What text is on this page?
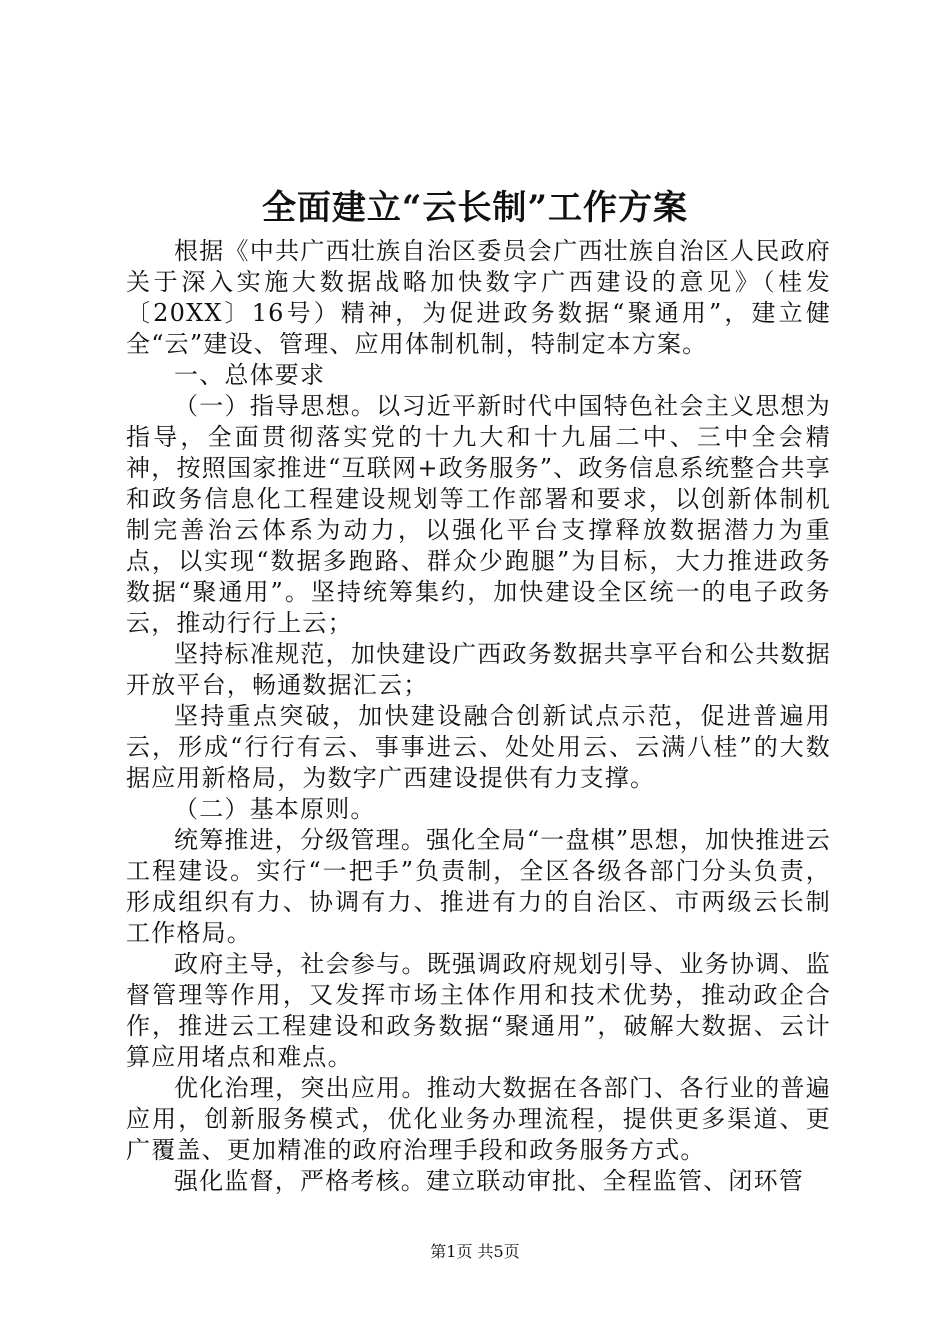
全面建立“云长制”工作方案

根据《中共广西壮族自治区委员会广西壮族自治区人民政府关于深入实施大数据战略加快数字广西建设的意见》（桂发〔20XX〕16号）精神，为促进政务数据“聚通用”，建立健全“云”建设、管理、应用体制机制，特制定本方案。

一、总体要求

（一）指导思想。以习近平新时代中国特色社会主义思想为指导，全面贯彻落实党的十九大和十九届二中、三中全会精神，按照国家推进“互联网+政务服务”、政务信息系统整合共享和政务信息化工程建设规划等工作部署和要求，以创新体制机制完善治云体系为动力，以强化平台支撑释放数据潜力为重点，以实现“数据多跑路、群众少跑腿”为目标，大力推进政务数据“聚通用”。坚持统筹集约，加快建设全区统一的电子政务云，推动行行上云；

坚持标准规范，加快建设广西政务数据共享平台和公共数据开放平台，畅通数据汇云；

坚持重点突破，加快建设融合创新试点示范，促进普遍用云，形成“行行有云、事事进云、处处用云、云满八桂”的大数据应用新格局，为数字广西建设提供有力支撑。

（二）基本原则。

统筹推进，分级管理。强化全局“一盘棋”思想，加快推进云工程建设。实行“一把手”负责制，全区各级各部门分头负责，形成组织有力、协调有力、推进有力的自治区、市两级云长制工作格局。

政府主导，社会参与。既强调政府规划引导、业务协调、监督管理等作用，又发挥市场主体作用和技术优势，推动政企合作，推进云工程建设和政务数据“聚通用”，破解大数据、云计算应用堵点和难点。

优化治理，突出应用。推动大数据在各部门、各行业的普遍应用，创新服务模式，优化业务办理流程，提供更多渠道、更广覆盖、更加精准的政府治理手段和政务服务方式。

强化监督，严格考核。建立联动审批、全程监管、闭环管

第1页 共5页
